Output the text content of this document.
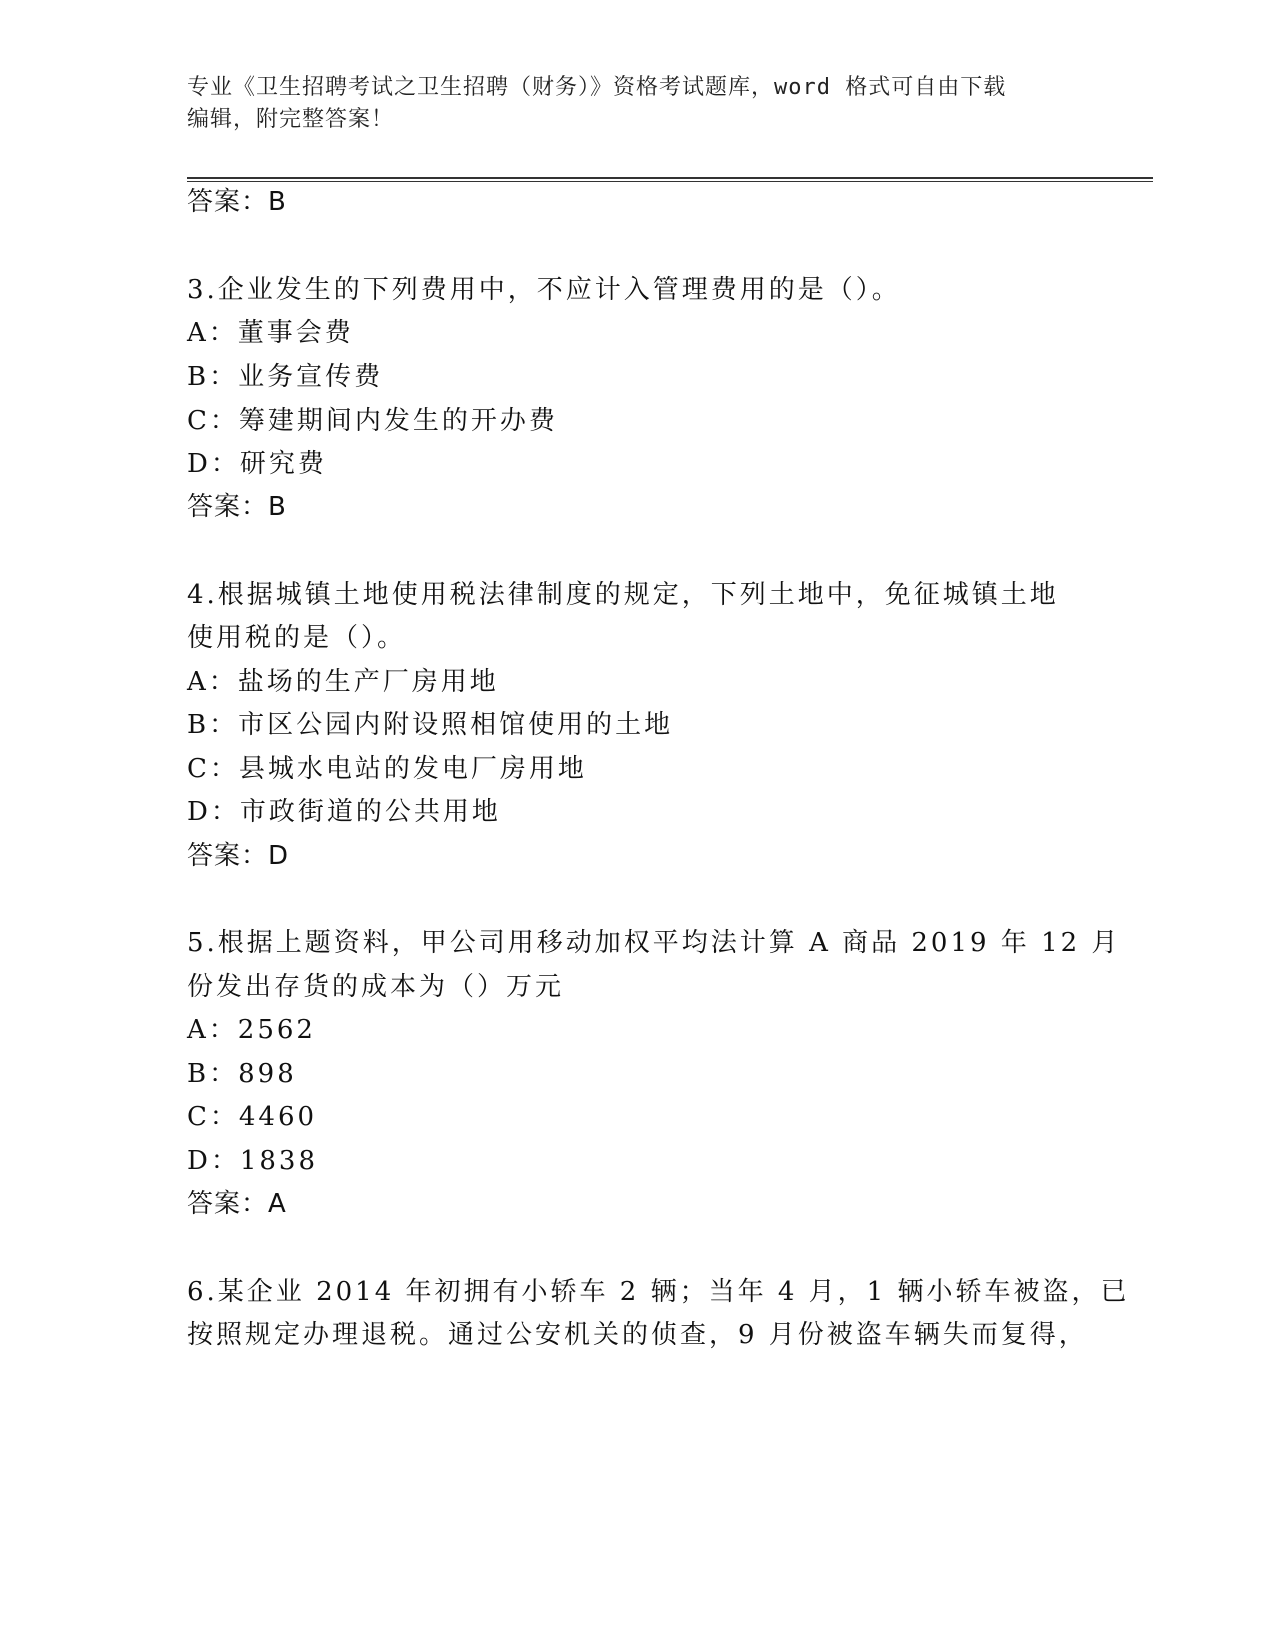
专业《卫生招聘考试之卫生招聘（财务）》资格考试题库，word 格式可自由下载
编辑，附完整答案！
答案：B
3.企业发生的下列费用中，不应计入管理费用的是（）。
A：董事会费
B：业务宣传费
C：筹建期间内发生的开办费
D：研究费
答案：B
4.根据城镇土地使用税法律制度的规定，下列土地中，免征城镇土地
使用税的是（）。
A：盐场的生产厂房用地
B：市区公园内附设照相馆使用的土地
C：县城水电站的发电厂房用地
D：市政街道的公共用地
答案：D
5.根据上题资料，甲公司用移动加权平均法计算 A 商品 2019 年 12 月
份发出存货的成本为（）万元
A：2562
B：898
C：4460
D：1838
答案：A
6.某企业 2014 年初拥有小轿车 2 辆；当年 4 月，1 辆小轿车被盗，已
按照规定办理退税。通过公安机关的侦查，9 月份被盗车辆失而复得，
